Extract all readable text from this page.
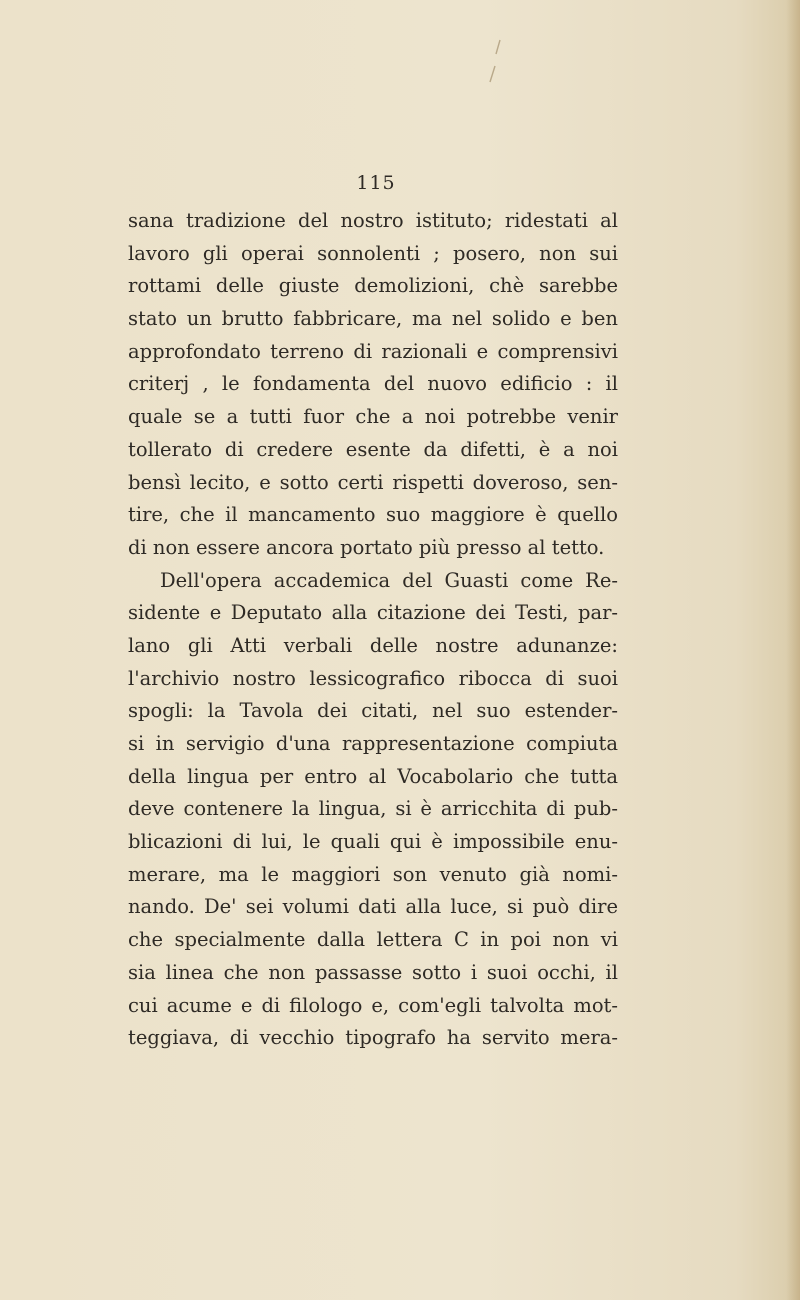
115
sana tradizione del nostro istituto; ridestati al
lavoro gli operai sonnolenti ; posero, non sui
rottami delle giuste demolizioni, chè sarebbe
stato un brutto fabbricare, ma nel solido e ben
approfondato terreno di razionali e comprensivi
criterj , le fondamenta del nuovo edificio : il
quale se a tutti fuor che a noi potrebbe venir
tollerato di credere esente da difetti, è a noi
bensì lecito, e sotto certi rispetti doveroso, sen-
tire, che il mancamento suo maggiore è quello
di non essere ancora portato più presso al tetto.
Dell'opera accademica del Guasti come Re-
sidente e Deputato alla citazione dei Testi, par-
lano gli Atti verbali delle nostre adunanze:
l'archivio nostro lessicografico ribocca di suoi
spogli: la Tavola dei citati, nel suo estender-
si in servigio d'una rappresentazione compiuta
della lingua per entro al Vocabolario che tutta
deve contenere la lingua, si è arricchita di pub-
blicazioni di lui, le quali qui è impossibile enu-
merare, ma le maggiori son venuto già nomi-
nando. De' sei volumi dati alla luce, si può dire
che specialmente dalla lettera C in poi non vi
sia linea che non passasse sotto i suoi occhi, il
cui acume e di filologo e, com'egli talvolta mot-
teggiava, di vecchio tipografo ha servito mera-
